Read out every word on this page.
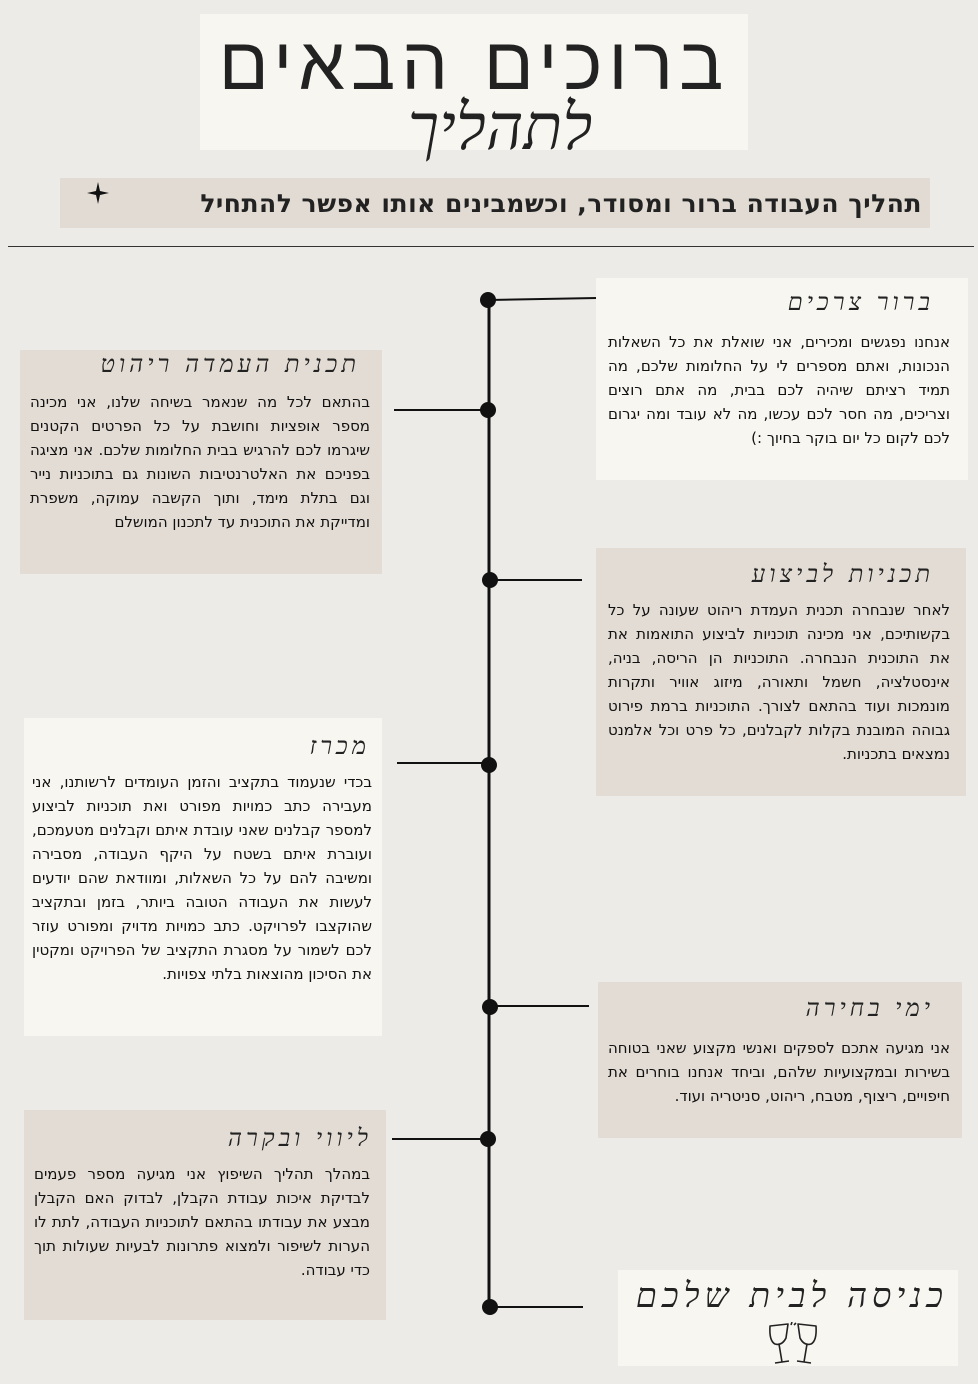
ברוכים הבאים
לתהליך
תהליך העבודה ברור ומסודר, וכשמבינים אותו אפשר להתחיל
ברור צרכים
אנחנו נפגשים ומכירים, אני שואלת את כל השאלות הנכונות, ואתם מספרים לי על החלומות שלכם, מה תמיד רציתם שיהיה לכם בבית, מה אתם רוצים וצריכים, מה חסר לכם עכשו, מה לא עובד ומה יגרום לכם לקום כל יום בוקר בחיוך :)
תכנית העמדה ריהוט
בהתאם לכל מה שנאמר בשיחה שלנו, אני מכינה מספר אופציות וחושבת על כל הפרטים הקטנים שיגרמו לכם להרגיש בבית החלומות שלכם. אני מציגה בפניכם את האלטרנטיבות השונות גם בתוכניות נייר וגם בתלת מימד, ותוך הקשבה עמוקה, משפרת ומדייקת את התוכנית עד לתכנון המושלם
תכניות לביצוע
לאחר שנבחרה תכנית העמדת ריהוט שעונה על כל בקשותיכם, אני מכינה תוכניות לביצוע התואמות את את התוכנית הנבחרה. התוכניות הן הריסה, בניה, אינסטלציה, חשמל ותאורה, מיזוג אוויר ותקרות מונמכות ועוד בהתאם לצורך. התוכניות ברמת פירוט גבוהה המובנת בקלות לקבלנים, כל פרט וכל אלמנט נמצאים בתכניות.
מכרז
בכדי שנעמוד בתקציב והזמן העומדים לרשותנו, אני מעבירה כתב כמויות מפורט ואת תוכניות לביצוע למספר קבלנים שאני עובדת איתם וקבלנים מטעמכם, ועוברת איתם בשטח על היקף העבודה, מסבירה ומשיבה להם על כל השאלות, ומוודאת שהם יודעים לעשות את העבודה הטובה ביותר, בזמן ובתקציב שהוקצבו לפרויקט. כתב כמויות מדויק ומפורט עוזר לכם לשמור על מסגרת התקציב של הפרויקט ומקטין את הסיכון מהוצאות בלתי צפויות.
ימי בחירה
אני מגיעה אתכם לספקים ואנשי מקצוע שאני בטוחה בשירות ובמקצועיות שלהם, וביחד אנחנו בוחרים את חיפויים, ריצוף, מטבח, ריהוט, סניטריה ועוד.
ליווי ובקרה
במהלך תהליך השיפוץ אני מגיעה מספר פעמים לבדיקת איכות עבודת הקבלן, לבדוק האם הקבלן מבצע את עבודתו בהתאם לתוכניות העבודה, לתת לו הערות לשיפור ולמצוא פתרונות לבעיות שעולות תוך כדי עבודה.
כניסה לבית שלכם
